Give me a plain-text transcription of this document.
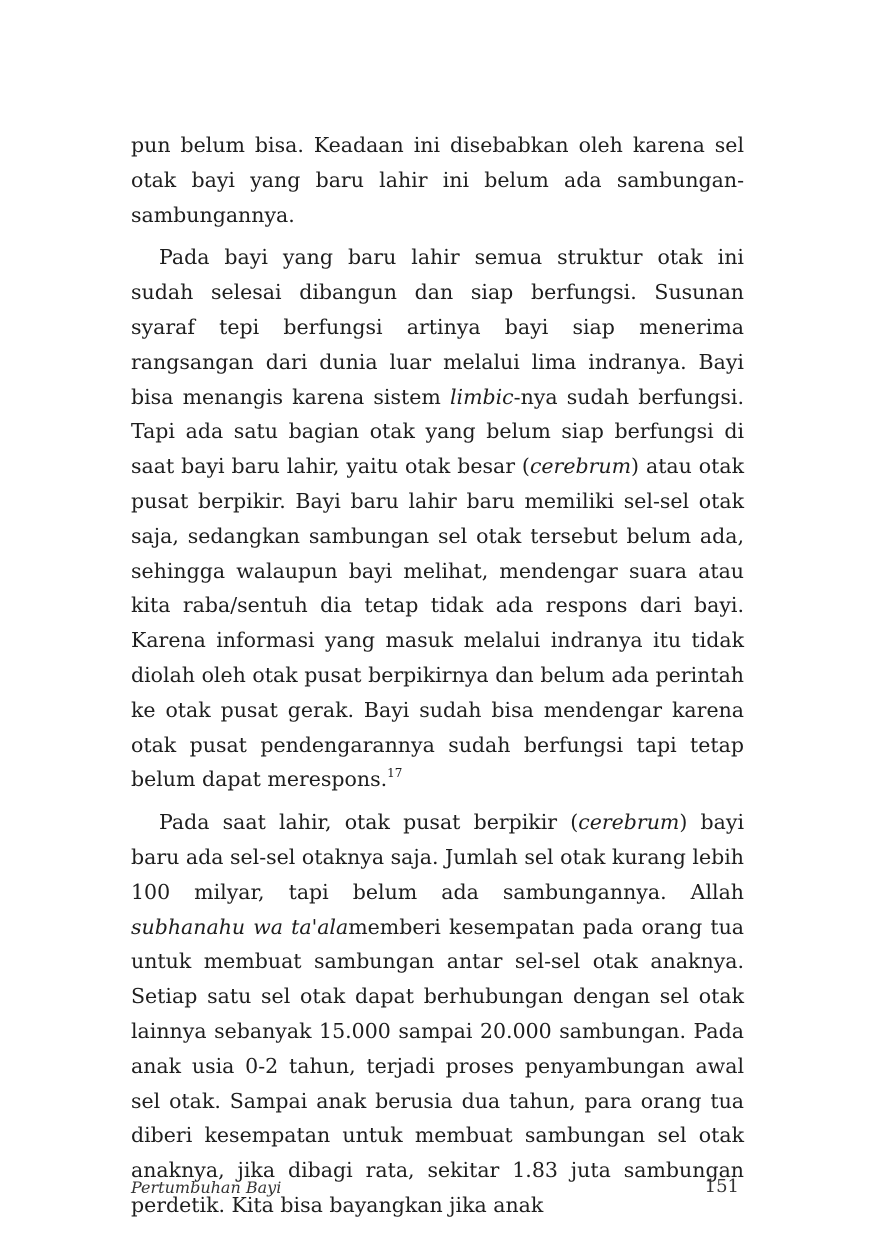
pun belum bisa. Keadaan ini disebabkan oleh karena sel otak bayi yang baru lahir ini belum ada sambungan-sambungannya.

Pada bayi yang baru lahir semua struktur otak ini sudah selesai dibangun dan siap berfungsi. Susunan syaraf tepi berfungsi artinya bayi siap menerima rangsangan dari dunia luar melalui lima indranya. Bayi bisa menangis karena sistem limbic-nya sudah berfungsi. Tapi ada satu bagian otak yang belum siap berfungsi di saat bayi baru lahir, yaitu otak besar (cerebrum) atau otak pusat berpikir. Bayi baru lahir baru memiliki sel-sel otak saja, sedangkan sambungan sel otak tersebut belum ada, sehingga walaupun bayi melihat, mendengar suara atau kita raba/sentuh dia tetap tidak ada respons dari bayi. Karena informasi yang masuk melalui indranya itu tidak diolah oleh otak pusat berpikirnya dan belum ada perintah ke otak pusat gerak. Bayi sudah bisa mendengar karena otak pusat pendengarannya sudah berfungsi tapi tetap belum dapat merespons.$^{17}$

Pada saat lahir, otak pusat berpikir (cerebrum) bayi baru ada sel-sel otaknya saja. Jumlah sel otak kurang lebih 100 milyar, tapi belum ada sambungannya. Allah subhanahu wa ta'alamemberi kesempatan pada orang tua untuk membuat sambungan antar sel-sel otak anaknya. Setiap satu sel otak dapat berhubungan dengan sel otak lainnya sebanyak 15.000 sampai 20.000 sambungan. Pada anak usia 0-2 tahun, terjadi proses penyambungan awal sel otak. Sampai anak berusia dua tahun, para orang tua diberi kesempatan untuk membuat sambungan sel otak anaknya, jika dibagi rata, sekitar 1.83 juta sambungan perdetik. Kita bisa bayangkan jika anak

Pertumbuhan Bayi	151
